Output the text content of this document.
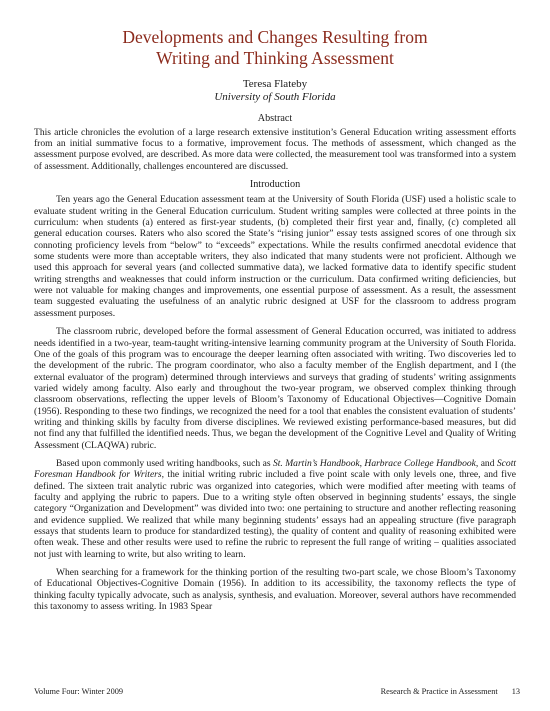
Developments and Changes Resulting from
Writing and Thinking Assessment

Teresa Flateby

University of South Florida

Abstract

This article chronicles the evolution of a large research extensive institution’s General Education writing assessment efforts from an initial summative focus to a formative, improvement focus. The methods of assessment, which changed as the assessment purpose evolved, are described. As more data were collected, the measurement tool was transformed into a system of assessment. Additionally, challenges encountered are discussed.

Introduction

Ten years ago the General Education assessment team at the University of South Florida (USF) used a holistic scale to evaluate student writing in the General Education curriculum. Student writing samples were collected at three points in the curriculum: when students (a) entered as first-year students, (b) completed their first year and, finally, (c) completed all general education courses. Raters who also scored the State’s “rising junior” essay tests assigned scores of one through six connoting proficiency levels from “below” to “exceeds” expectations. While the results confirmed anecdotal evidence that some students were more than acceptable writers, they also indicated that many students were not proficient. Although we used this approach for several years (and collected summative data), we lacked formative data to identify specific student writing strengths and weaknesses that could inform instruction or the curriculum. Data confirmed writing deficiencies, but were not valuable for making changes and improvements, one essential purpose of assessment. As a result, the assessment team suggested evaluating the usefulness of an analytic rubric designed at USF for the classroom to address program assessment purposes.

The classroom rubric, developed before the formal assessment of General Education occurred, was initiated to address needs identified in a two-year, team-taught writing-intensive learning community program at the University of South Florida. One of the goals of this program was to encourage the deeper learning often associated with writing. Two discoveries led to the development of the rubric. The program coordinator, who also a faculty member of the English department, and I (the external evaluator of the program) determined through interviews and surveys that grading of students’ writing assignments varied widely among faculty. Also early and throughout the two-year program, we observed complex thinking through classroom observations, reflecting the upper levels of Bloom’s Taxonomy of Educational Objectives—Cognitive Domain (1956). Responding to these two findings, we recognized the need for a tool that enables the consistent evaluation of students’ writing and thinking skills by faculty from diverse disciplines. We reviewed existing performance-based measures, but did not find any that fulfilled the identified needs. Thus, we began the development of the Cognitive Level and Quality of Writing Assessment (CLAQWA) rubric.

Based upon commonly used writing handbooks, such as St. Martin’s Handbook, Harbrace College Handbook, and Scott Foresman Handbook for Writers, the initial writing rubric included a five point scale with only levels one, three, and five defined. The sixteen trait analytic rubric was organized into categories, which were modified after meeting with teams of faculty and applying the rubric to papers. Due to a writing style often observed in beginning students’ essays, the single category “Organization and Development” was divided into two: one pertaining to structure and another reflecting reasoning and evidence supplied. We realized that while many beginning students’ essays had an appealing structure (five paragraph essays that students learn to produce for standardized testing), the quality of content and quality of reasoning exhibited were often weak. These and other results were used to refine the rubric to represent the full range of writing – qualities associated not just with learning to write, but also writing to learn.

When searching for a framework for the thinking portion of the resulting two-part scale, we chose Bloom’s Taxonomy of Educational Objectives-Cognitive Domain (1956). In addition to its accessibility, the taxonomy reflects the type of thinking faculty typically advocate, such as analysis, synthesis, and evaluation. Moreover, several authors have recommended this taxonomy to assess writing. In 1983 Spear

Volume Four: Winter 2009	Research & Practice in Assessment 13
